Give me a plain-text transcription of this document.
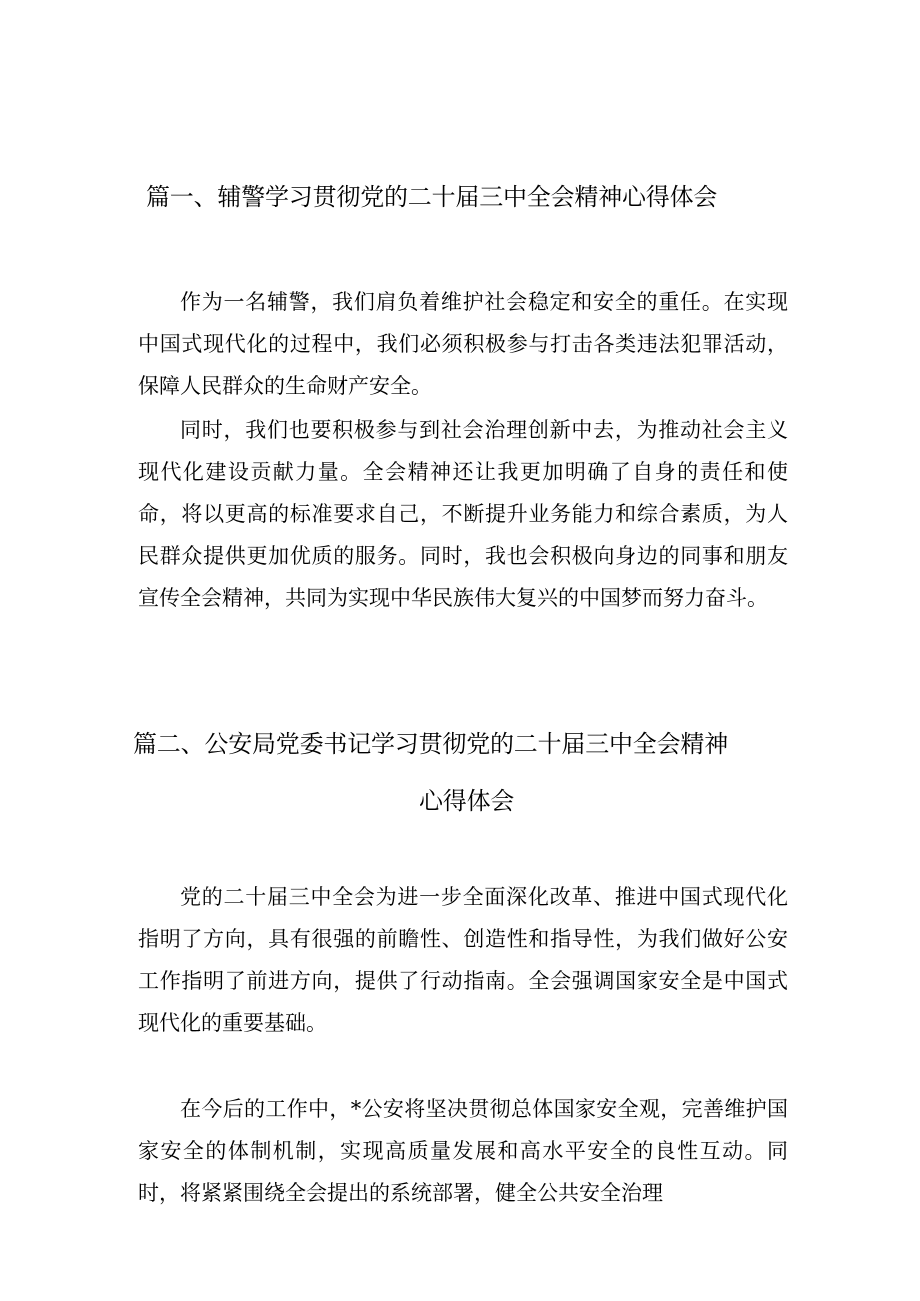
篇一、辅警学习贯彻党的二十届三中全会精神心得体会

作为一名辅警，我们肩负着维护社会稳定和安全的重任。在实现中国式现代化的过程中，我们必须积极参与打击各类违法犯罪活动，保障人民群众的生命财产安全。

同时，我们也要积极参与到社会治理创新中去，为推动社会主义现代化建设贡献力量。全会精神还让我更加明确了自身的责任和使命，将以更高的标准要求自己，不断提升业务能力和综合素质，为人民群众提供更加优质的服务。同时，我也会积极向身边的同事和朋友宣传全会精神，共同为实现中华民族伟大复兴的中国梦而努力奋斗。

篇二、公安局党委书记学习贯彻党的二十届三中全会精神
心得体会

党的二十届三中全会为进一步全面深化改革、推进中国式现代化指明了方向，具有很强的前瞻性、创造性和指导性，为我们做好公安工作指明了前进方向，提供了行动指南。全会强调国家安全是中国式现代化的重要基础。

在今后的工作中，*公安将坚决贯彻总体国家安全观，完善维护国家安全的体制机制，实现高质量发展和高水平安全的良性互动。同时，将紧紧围绕全会提出的系统部署，健全公共安全治理
